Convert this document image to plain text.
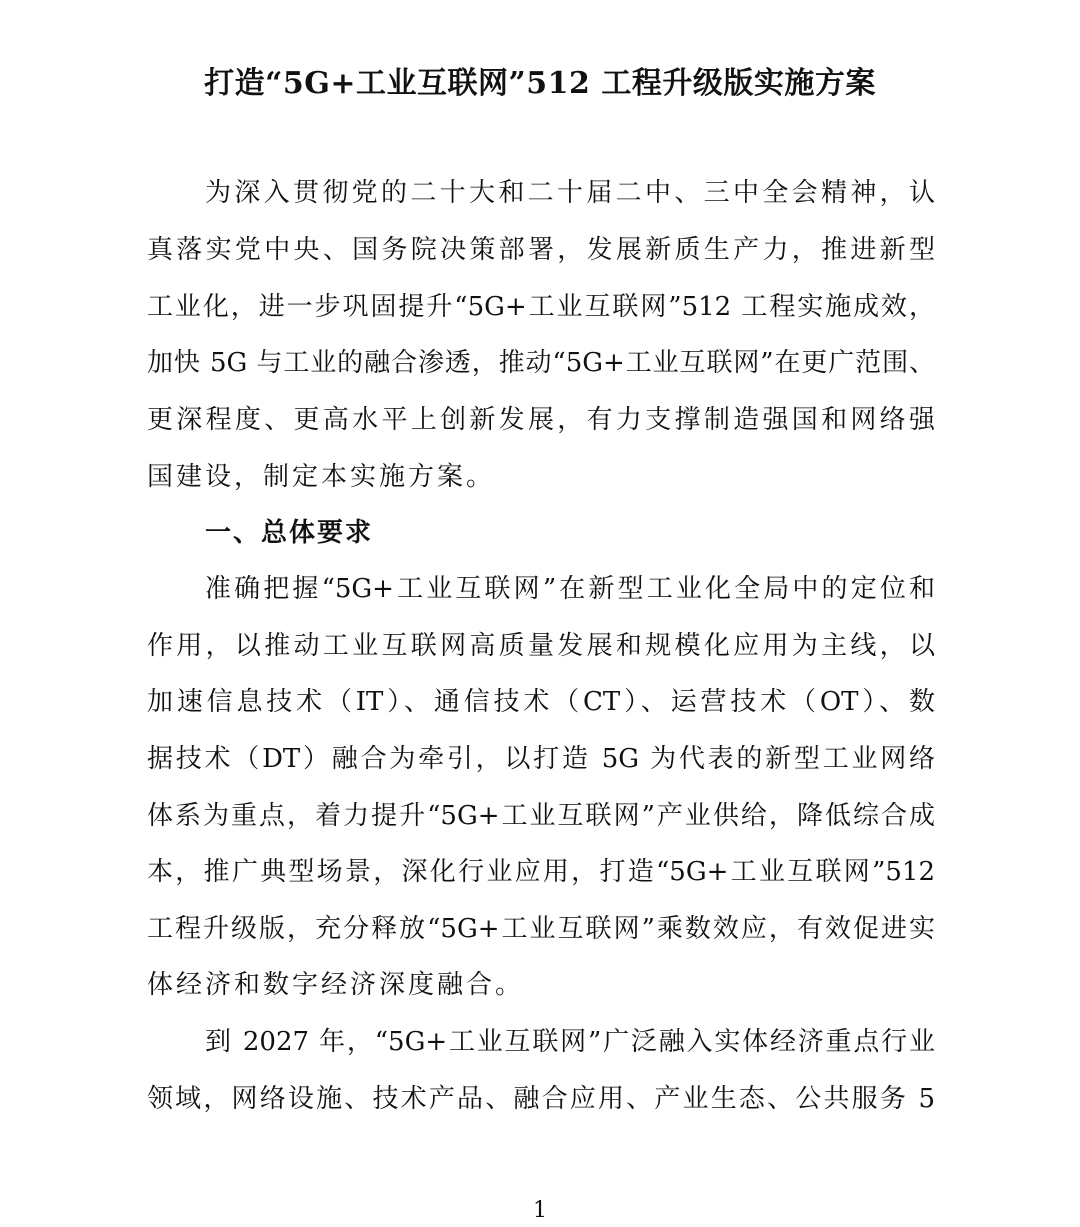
打造“5G+工业互联网”512 工程升级版实施方案
为深入贯彻党的二十大和二十届二中、三中全会精神，认
真落实党中央、国务院决策部署，发展新质生产力，推进新型
工业化，进一步巩固提升“5G+工业互联网”512 工程实施成效，
加快 5G 与工业的融合渗透，推动“5G+工业互联网”在更广范围、
更深程度、更高水平上创新发展，有力支撑制造强国和网络强
国建设，制定本实施方案。
一、总体要求
准确把握“5G+工业互联网”在新型工业化全局中的定位和
作用，以推动工业互联网高质量发展和规模化应用为主线，以
加速信息技术（IT）、通信技术（CT）、运营技术（OT）、数
据技术（DT）融合为牵引，以打造 5G 为代表的新型工业网络
体系为重点，着力提升“5G+工业互联网”产业供给，降低综合成
本，推广典型场景，深化行业应用，打造“5G+工业互联网”512
工程升级版，充分释放“5G+工业互联网”乘数效应，有效促进实
体经济和数字经济深度融合。
到 2027 年，“5G+工业互联网”广泛融入实体经济重点行业
领域，网络设施、技术产品、融合应用、产业生态、公共服务 5
1
